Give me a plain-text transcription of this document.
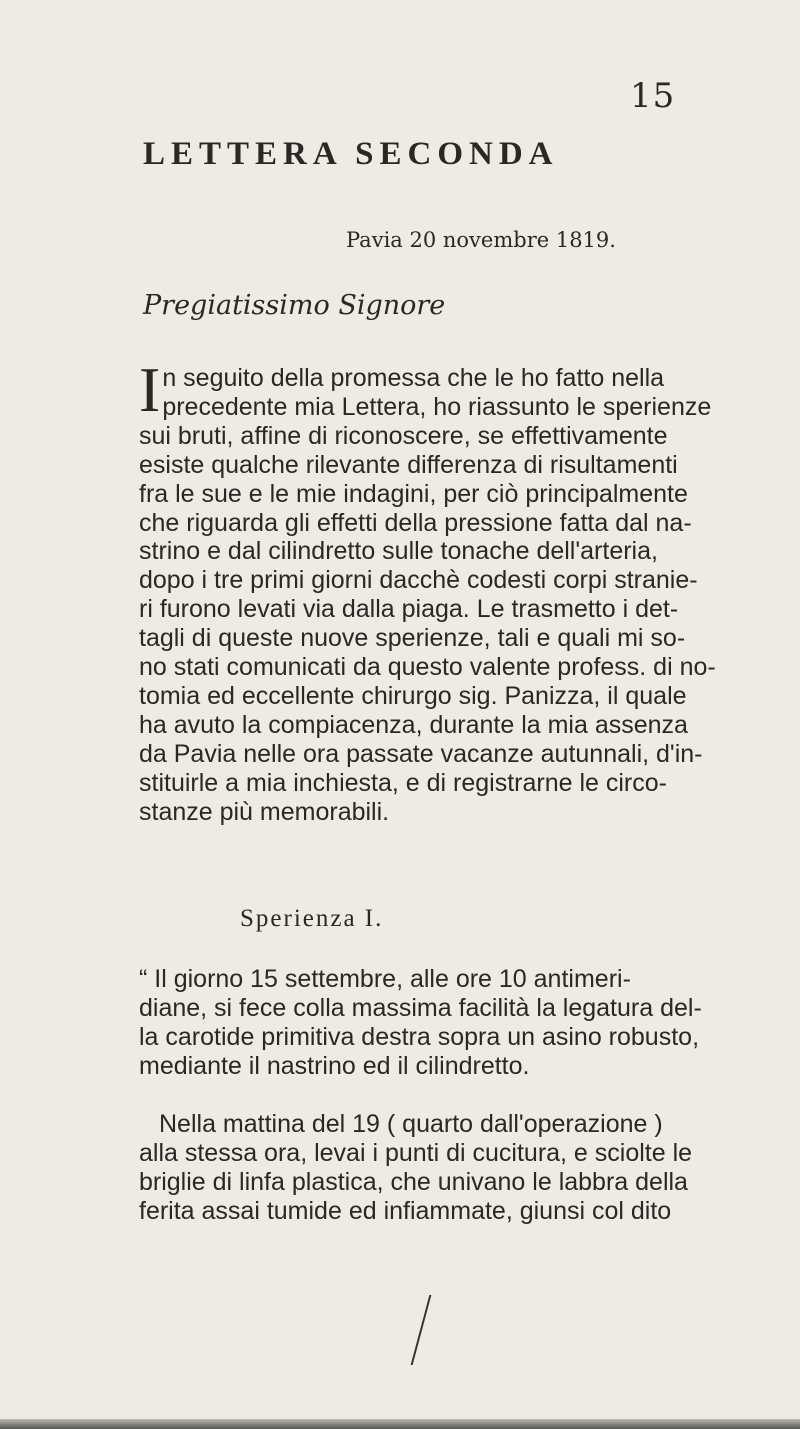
15
LETTERA SECONDA
Pavia 20 novembre 1819.
Pregiatissimo Signore
I n seguito della promessa che le ho fatto nella
precedente mia Lettera, ho riassunto le sperienze
sui bruti, affine di riconoscere, se effettivamente
esiste qualche rilevante differenza di risultamenti
fra le sue e le mie indagini, per ciò principalmente
che riguarda gli effetti della pressione fatta dal na-
strino e dal cilindretto sulle tonache dell'arteria,
dopo i tre primi giorni dacchè codesti corpi stranie-
ri furono levati via dalla piaga. Le trasmetto i det-
tagli di queste nuove sperienze, tali e quali mi so-
no stati comunicati da questo valente profess. di no-
tomia ed eccellente chirurgo sig. Panizza, il quale
ha avuto la compiacenza, durante la mia assenza
da Pavia nelle ora passate vacanze autunnali, d'in-
stituirle a mia inchiesta, e di registrarne le circo-
stanze più memorabili.
Sperienza I.
“ Il giorno 15 settembre, alle ore 10 antimeri-
diane, si fece colla massima facilità la legatura del-
la carotide primitiva destra sopra un asino robusto,
mediante il nastrino ed il cilindretto.
Nella mattina del 19 ( quarto dall'operazione )
alla stessa ora, levai i punti di cucitura, e sciolte le
briglie di linfa plastica, che univano le labbra della
ferita assai tumide ed infiammate, giunsi col dito
